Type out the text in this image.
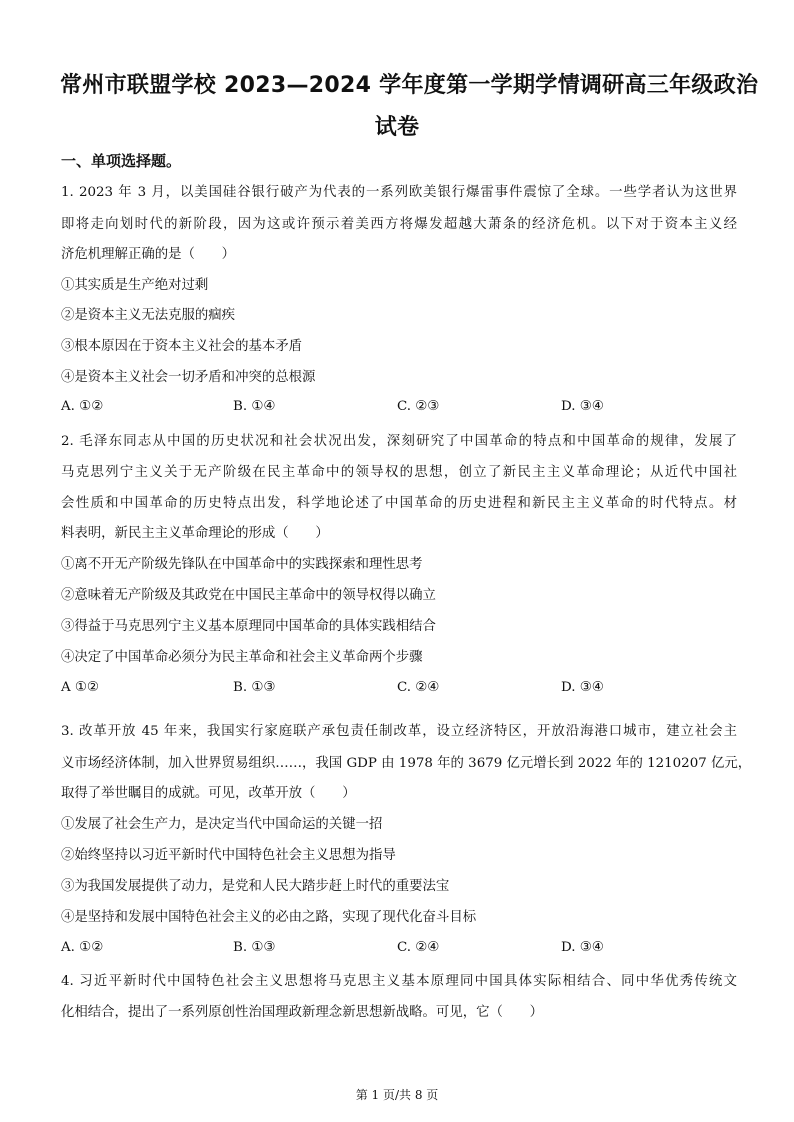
常州市联盟学校 2023—2024 学年度第一学期学情调研高三年级政治
试卷
一、单项选择题。
1. 2023 年 3 月，以美国硅谷银行破产为代表的一系列欧美银行爆雷事件震惊了全球。一些学者认为这世界
即将走向划时代的新阶段，因为这或许预示着美西方将爆发超越大萧条的经济危机。以下对于资本主义经
济危机理解正确的是（　　）
①其实质是生产绝对过剩
②是资本主义无法克服的痼疾
③根本原因在于资本主义社会的基本矛盾
④是资本主义社会一切矛盾和冲突的总根源
A. ①②	B. ①④	C. ②③	D. ③④
2. 毛泽东同志从中国的历史状况和社会状况出发，深刻研究了中国革命的特点和中国革命的规律，发展了
马克思列宁主义关于无产阶级在民主革命中的领导权的思想，创立了新民主主义革命理论；从近代中国社
会性质和中国革命的历史特点出发，科学地论述了中国革命的历史进程和新民主主义革命的时代特点。材
料表明，新民主主义革命理论的形成（　　）
①离不开无产阶级先锋队在中国革命中的实践探索和理性思考
②意味着无产阶级及其政党在中国民主革命中的领导权得以确立
③得益于马克思列宁主义基本原理同中国革命的具体实践相结合
④决定了中国革命必须分为民主革命和社会主义革命两个步骤
A ①②	B. ①③	C. ②④	D. ③④
3. 改革开放 45 年来，我国实行家庭联产承包责任制改革，设立经济特区，开放沿海港口城市，建立社会主
义市场经济体制，加入世界贸易组织……，我国 GDP 由 1978 年的 3679 亿元增长到 2022 年的 1210207 亿元，
取得了举世瞩目的成就。可见，改革开放（　　）
①发展了社会生产力，是决定当代中国命运的关键一招
②始终坚持以习近平新时代中国特色社会主义思想为指导
③为我国发展提供了动力，是党和人民大踏步赶上时代的重要法宝
④是坚持和发展中国特色社会主义的必由之路，实现了现代化奋斗目标
A. ①②	B. ①③	C. ②④	D. ③④
4. 习近平新时代中国特色社会主义思想将马克思主义基本原理同中国具体实际相结合、同中华优秀传统文
化相结合，提出了一系列原创性治国理政新理念新思想新战略。可见，它（　　）
第 1 页/共 8 页
